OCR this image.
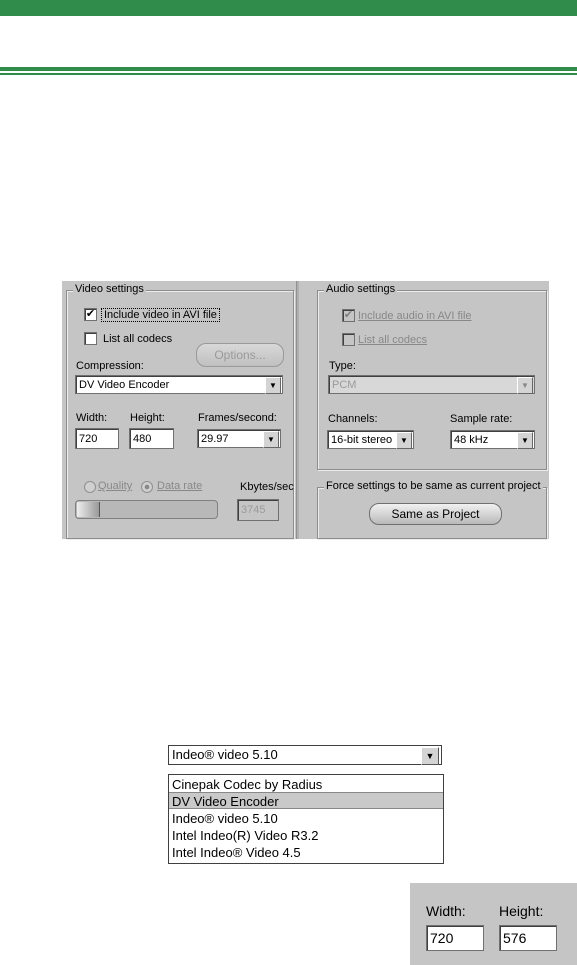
Video settings
✔ Include video in AVI file
List all codecs
Options...
Compression:
DV Video Encoder	▼
Width: Height:	Frames/second:
720	480	29.97	▼
Quality Data rate	Kbytes/sec
3745
Audio settings
✔ Include audio in AVI file
List all codecs
Type:
PCM	▼
Channels:	Sample rate:
16-bit stereo ▼	48 kHz	▼
Force settings to be same as current project
Same as Project
Indeo® video 5.10	▼
Cinepak Codec by Radius
DV Video Encoder
Indeo® video 5.10
Intel Indeo(R) Video R3.2
Intel Indeo® Video 4.5
Width: Height:
720	576
